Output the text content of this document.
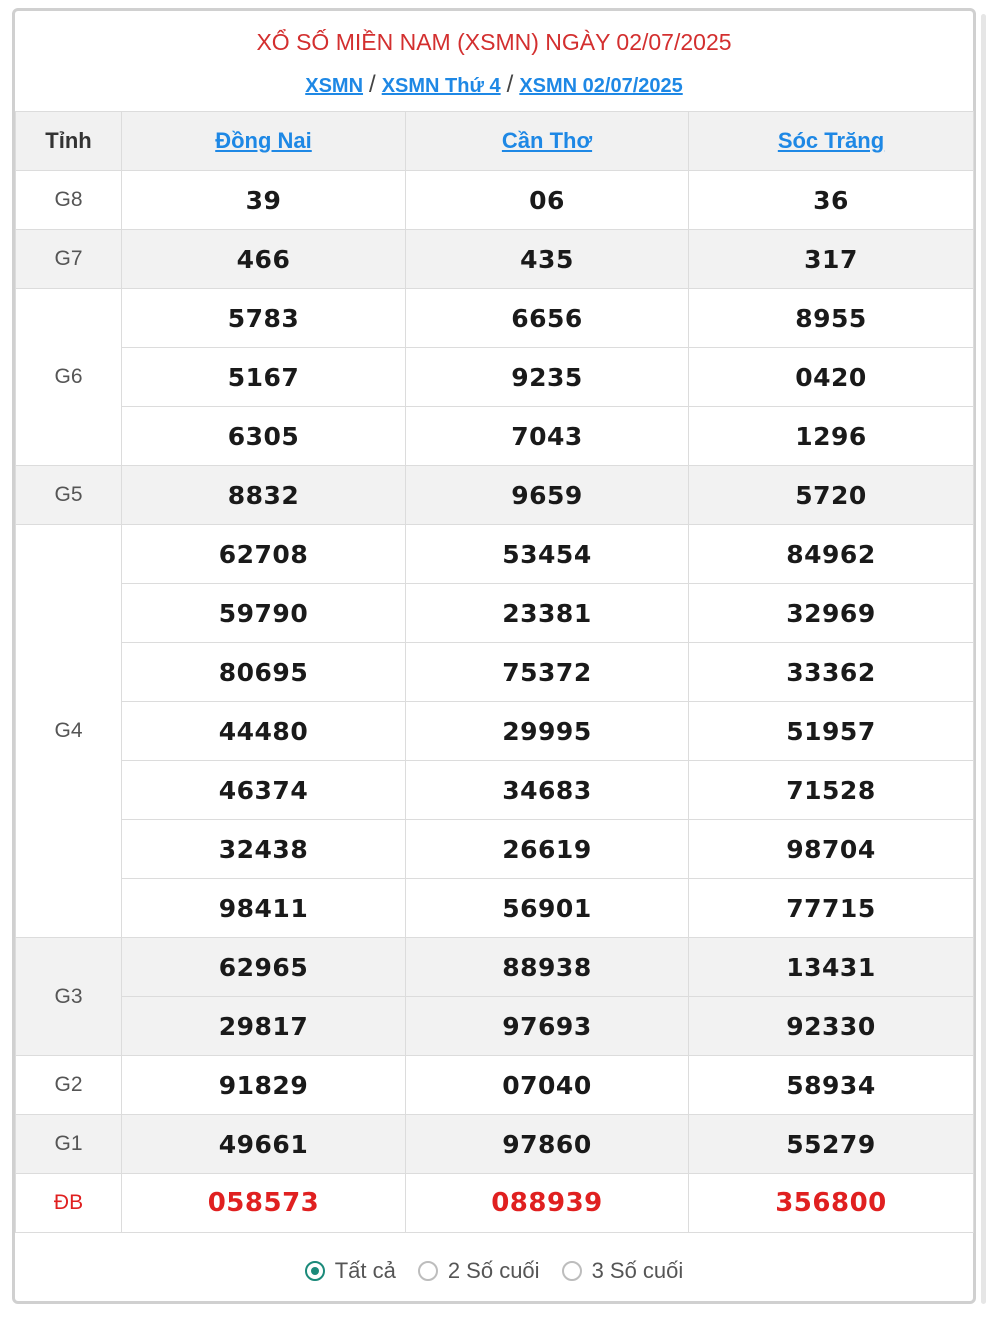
XỔ SỐ MIỀN NAM (XSMN) NGÀY 02/07/2025
XSMN / XSMN Thứ 4 / XSMN 02/07/2025
Tỉnh	Đồng Nai	Cần Thơ	Sóc Trăng
G8	39	06	36
G7	466	435	317
G6	5783	6656	8955
	5167	9235	0420
	6305	7043	1296
G5	8832	9659	5720
G4	62708	53454	84962
	59790	23381	32969
	80695	75372	33362
	44480	29995	51957
	46374	34683	71528
	32438	26619	98704
	98411	56901	77715
G3	62965	88938	13431
	29817	97693	92330
G2	91829	07040	58934
G1	49661	97860	55279
ĐB	058573	088939	356800
Tất cả 2 Số cuối 3 Số cuối
